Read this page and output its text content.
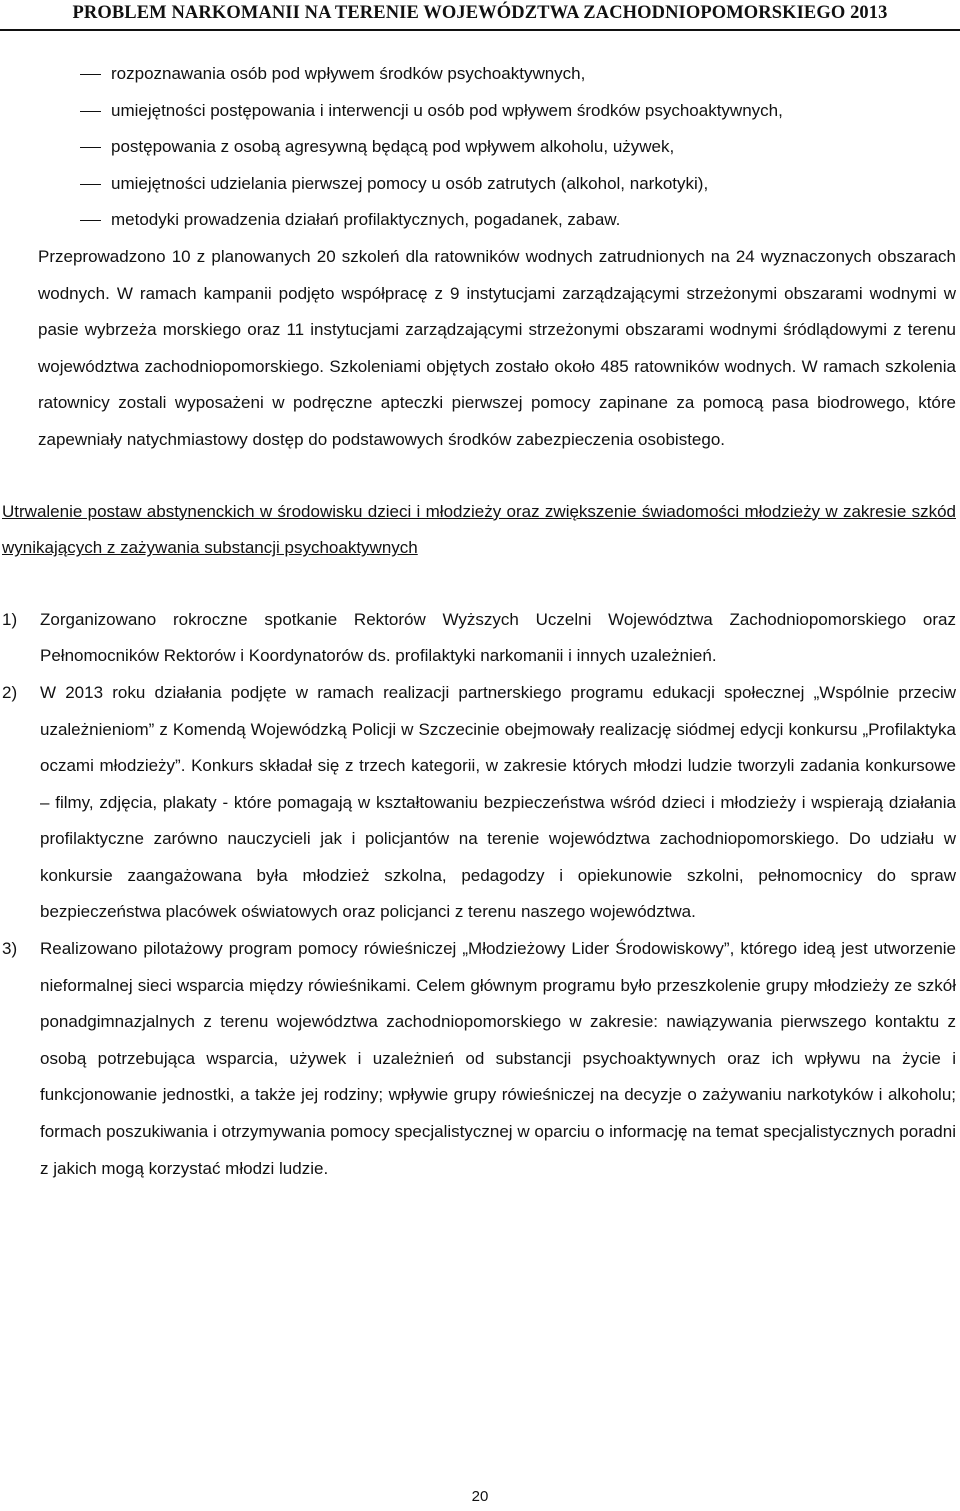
PROBLEM NARKOMANII NA TERENIE WOJEWÓDZTWA ZACHODNIOPOMORSKIEGO 2013
rozpoznawania osób pod wpływem środków psychoaktywnych,
umiejętności postępowania i interwencji u osób pod wpływem środków psychoaktywnych,
postępowania z osobą agresywną będącą pod wpływem alkoholu, używek,
umiejętności udzielania pierwszej pomocy u osób zatrutych (alkohol, narkotyki),
metodyki prowadzenia działań profilaktycznych, pogadanek, zabaw.

Przeprowadzono 10 z planowanych 20 szkoleń dla ratowników wodnych zatrudnionych na 24 wyznaczonych obszarach wodnych. W ramach kampanii podjęto współpracę z 9 instytucjami zarządzającymi strzeżonymi obszarami wodnymi w pasie wybrzeża morskiego oraz 11 instytucjami zarządzającymi strzeżonymi obszarami wodnymi śródlądowymi z terenu województwa zachodniopomorskiego. Szkoleniami objętych zostało około 485 ratowników wodnych. W ramach szkolenia ratownicy zostali wyposażeni w podręczne apteczki pierwszej pomocy zapinane za pomocą pasa biodrowego, które zapewniały natychmiastowy dostęp do podstawowych środków zabezpieczenia osobistego.

Utrwalenie postaw abstynenckich w środowisku dzieci i młodzieży oraz zwiększenie świadomości młodzieży w zakresie szkód wynikających z zażywania substancji psychoaktywnych

1) Zorganizowano rokroczne spotkanie Rektorów Wyższych Uczelni Województwa Zachodniopomorskiego oraz Pełnomocników Rektorów i Koordynatorów ds. profilaktyki narkomanii i innych uzależnień.
2) W 2013 roku działania podjęte w ramach realizacji partnerskiego programu edukacji społecznej „Wspólnie przeciw uzależnieniom” z Komendą Wojewódzką Policji w Szczecinie obejmowały realizację siódmej edycji konkursu „Profilaktyka oczami młodzieży”. Konkurs składał się z trzech kategorii, w zakresie których młodzi ludzie tworzyli zadania konkursowe – filmy, zdjęcia, plakaty - które pomagają w kształtowaniu bezpieczeństwa wśród dzieci i młodzieży i wspierają działania profilaktyczne zarówno nauczycieli jak i policjantów na terenie województwa zachodniopomorskiego. Do udziału w konkursie zaangażowana była młodzież szkolna, pedagodzy i opiekunowie szkolni, pełnomocnicy do spraw bezpieczeństwa placówek oświatowych oraz policjanci z terenu naszego województwa.
3) Realizowano pilotażowy program pomocy rówieśniczej „Młodzieżowy Lider Środowiskowy”, którego ideą jest utworzenie nieformalnej sieci wsparcia między rówieśnikami. Celem głównym programu było przeszkolenie grupy młodzieży ze szkół ponadgimnazjalnych z terenu województwa zachodniopomorskiego w zakresie: nawiązywania pierwszego kontaktu z osobą potrzebująca wsparcia, używek i uzależnień od substancji psychoaktywnych oraz ich wpływu na życie i funkcjonowanie jednostki, a także jej rodziny; wpływie grupy rówieśniczej na decyzje o zażywaniu narkotyków i alkoholu; formach poszukiwania i otrzymywania pomocy specjalistycznej w oparciu o informację na temat specjalistycznych poradni z jakich mogą korzystać młodzi ludzie.
20
